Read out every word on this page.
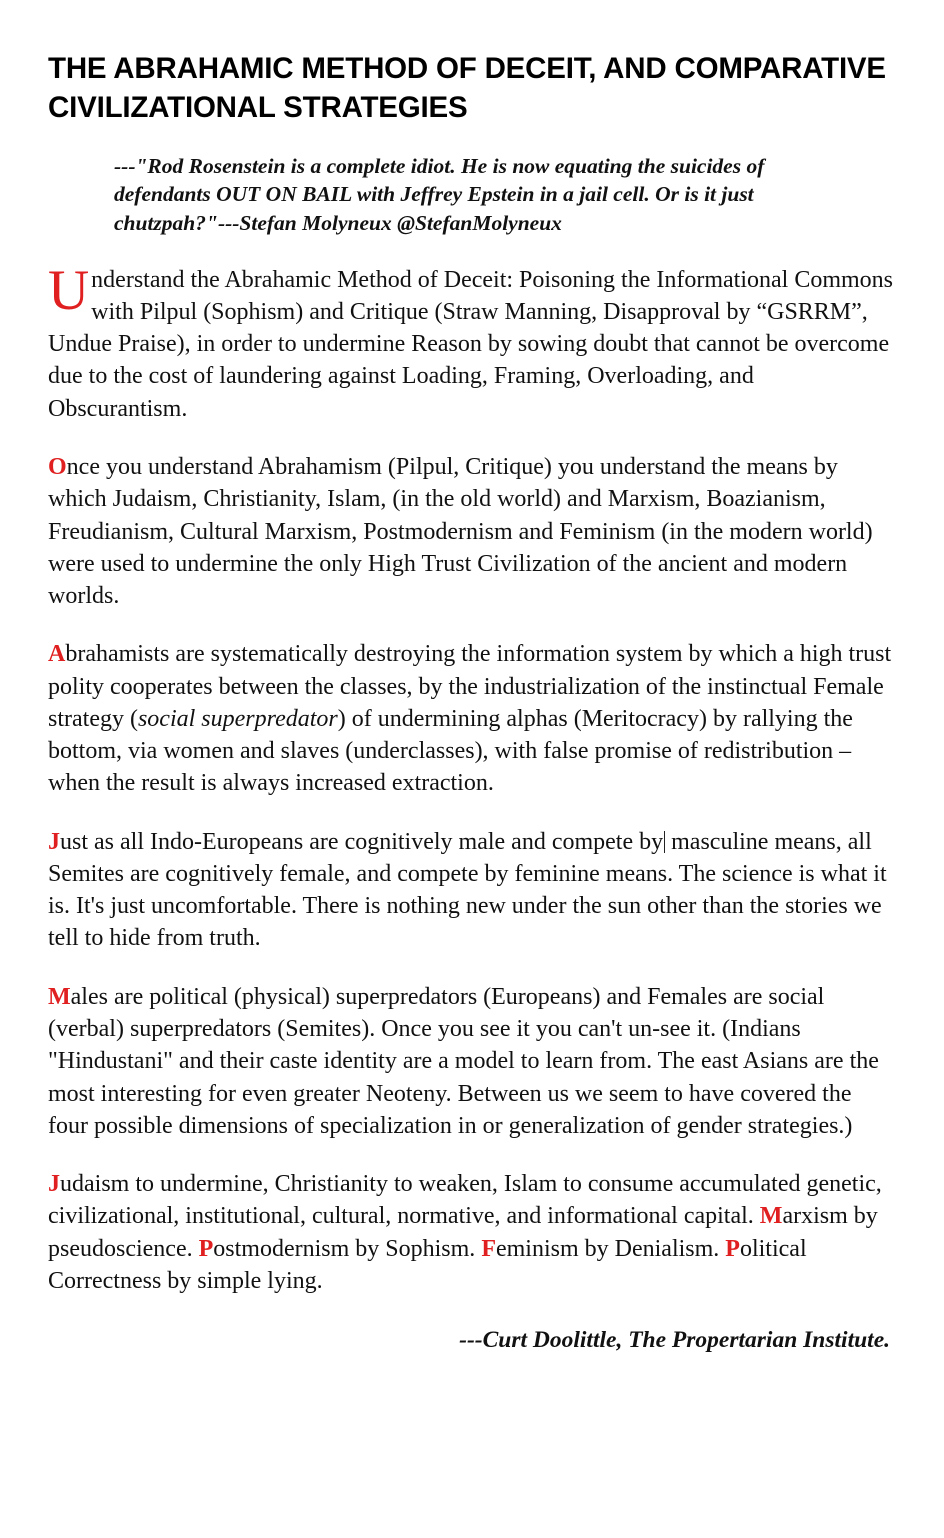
THE ABRAHAMIC METHOD OF DECEIT, AND COMPARATIVE CIVILIZATIONAL STRATEGIES
---"Rod Rosenstein is a complete idiot. He is now equating the suicides of defendants OUT ON BAIL with Jeffrey Epstein in a jail cell. Or is it just chutzpah?"---Stefan Molyneux @StefanMolyneux

Understand the Abrahamic Method of Deceit: Poisoning the Informational Commons with Pilpul (Sophism) and Critique (Straw Manning, Disapproval by “GSRRM”, Undue Praise), in order to undermine Reason by sowing doubt that cannot be overcome due to the cost of laundering against Loading, Framing, Overloading, and Obscurantism.

Once you understand Abrahamism (Pilpul, Critique) you understand the means by which Judaism, Christianity, Islam, (in the old world) and Marxism, Boazianism, Freudianism, Cultural Marxism, Postmodernism and Feminism (in the modern world) were used to undermine the only High Trust Civilization of the ancient and modern worlds.

Abrahamists are systematically destroying the information system by which a high trust polity cooperates between the classes, by the industrialization of the instinctual Female strategy (social superpredator) of undermining alphas (Meritocracy) by rallying the bottom, via women and slaves (underclasses), with false promise of redistribution – when the result is always increased extraction.

Just as all Indo-Europeans are cognitively male and compete by masculine means, all Semites are cognitively female, and compete by feminine means. The science is what it is. It's just uncomfortable. There is nothing new under the sun other than the stories we tell to hide from truth.

Males are political (physical) superpredators (Europeans) and Females are social (verbal) superpredators (Semites). Once you see it you can't un-see it. (Indians "Hindustani" and their caste identity are a model to learn from. The east Asians are the most interesting for even greater Neoteny. Between us we seem to have covered the four possible dimensions of specialization in or generalization of gender strategies.)

Judaism to undermine, Christianity to weaken, Islam to consume accumulated genetic, civilizational, institutional, cultural, normative, and informational capital. Marxism by pseudoscience. Postmodernism by Sophism. Feminism by Denialism. Political Correctness by simple lying.

---Curt Doolittle, The Propertarian Institute.
